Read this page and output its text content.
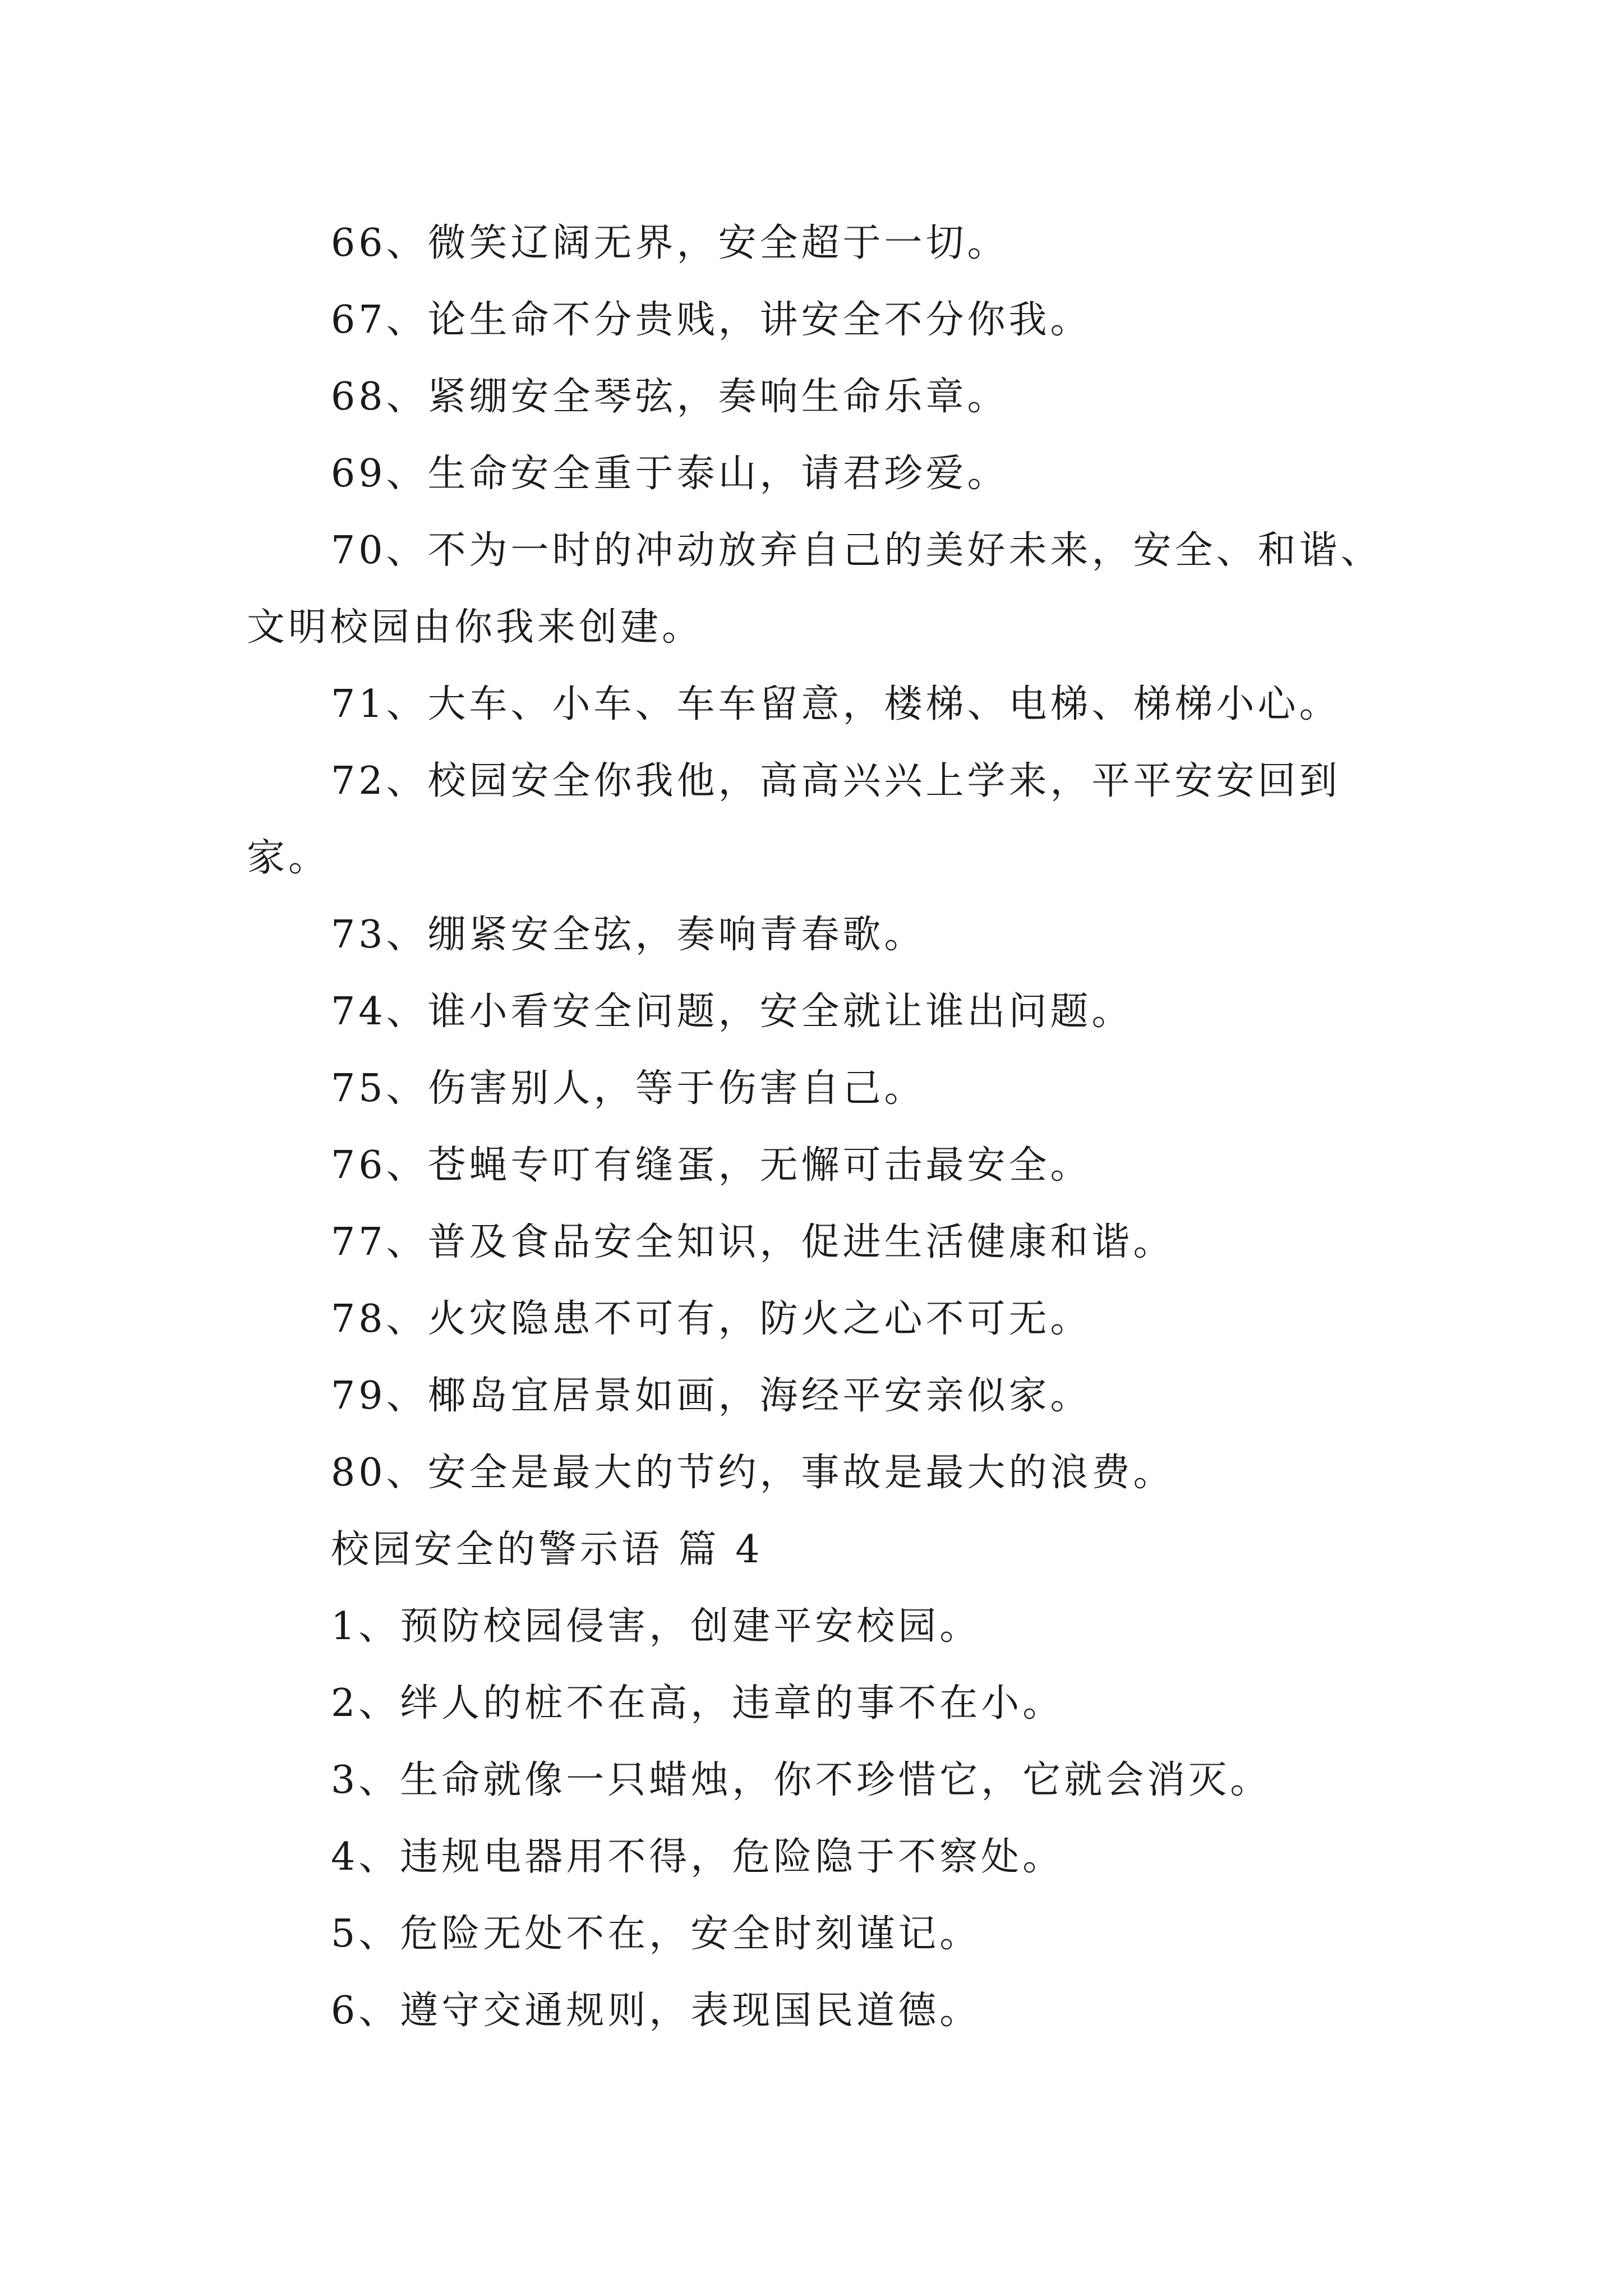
66、微笑辽阔无界，安全超于一切。

67、论生命不分贵贱，讲安全不分你我。

68、紧绷安全琴弦，奏响生命乐章。

69、生命安全重于泰山，请君珍爱。

70、不为一时的冲动放弃自己的美好未来，安全、和谐、文明校园由你我来创建。

71、大车、小车、车车留意，楼梯、电梯、梯梯小心。

72、校园安全你我他，高高兴兴上学来，平平安安回到家。

73、绷紧安全弦，奏响青春歌。

74、谁小看安全问题，安全就让谁出问题。

75、伤害别人，等于伤害自己。

76、苍蝇专叮有缝蛋，无懈可击最安全。

77、普及食品安全知识，促进生活健康和谐。

78、火灾隐患不可有，防火之心不可无。

79、椰岛宜居景如画，海经平安亲似家。

80、安全是最大的节约，事故是最大的浪费。

校园安全的警示语 篇 4

1、预防校园侵害，创建平安校园。

2、绊人的桩不在高，违章的事不在小。

3、生命就像一只蜡烛，你不珍惜它，它就会消灭。

4、违规电器用不得，危险隐于不察处。

5、危险无处不在，安全时刻谨记。

6、遵守交通规则，表现国民道德。
